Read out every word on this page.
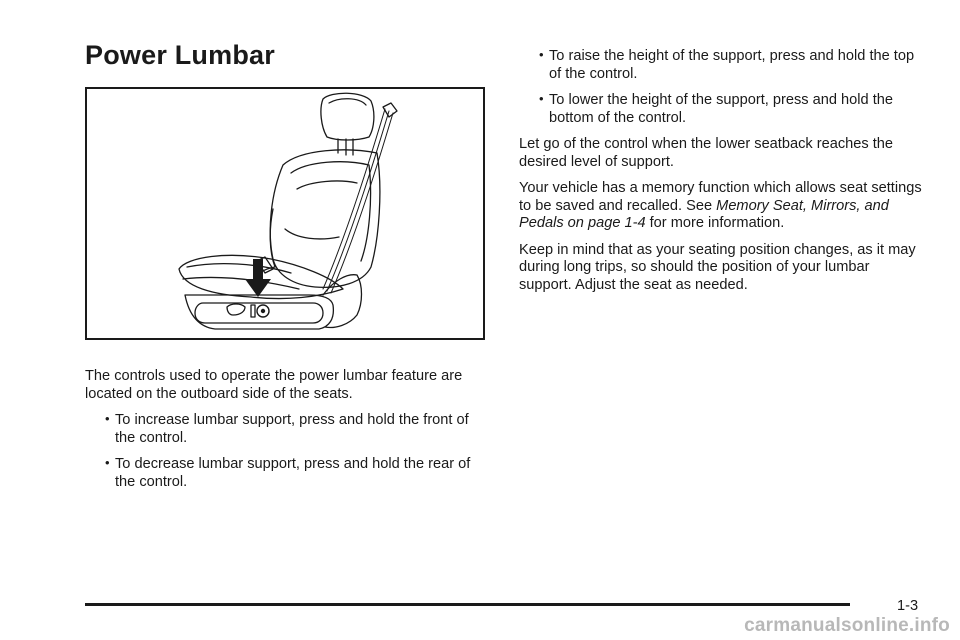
Power Lumbar

The controls used to operate the power lumbar feature are located on the outboard side of the seats.

• To increase lumbar support, press and hold the front of the control.
• To decrease lumbar support, press and hold the rear of the control.
• To raise the height of the support, press and hold the top of the control.
• To lower the height of the support, press and hold the bottom of the control.

Let go of the control when the lower seatback reaches the desired level of support.

Your vehicle has a memory function which allows seat settings to be saved and recalled. See Memory Seat, Mirrors, and Pedals on page 1-4 for more information.

Keep in mind that as your seating position changes, as it may during long trips, so should the position of your lumbar support. Adjust the seat as needed.

1-3
carmanualsonline.info
